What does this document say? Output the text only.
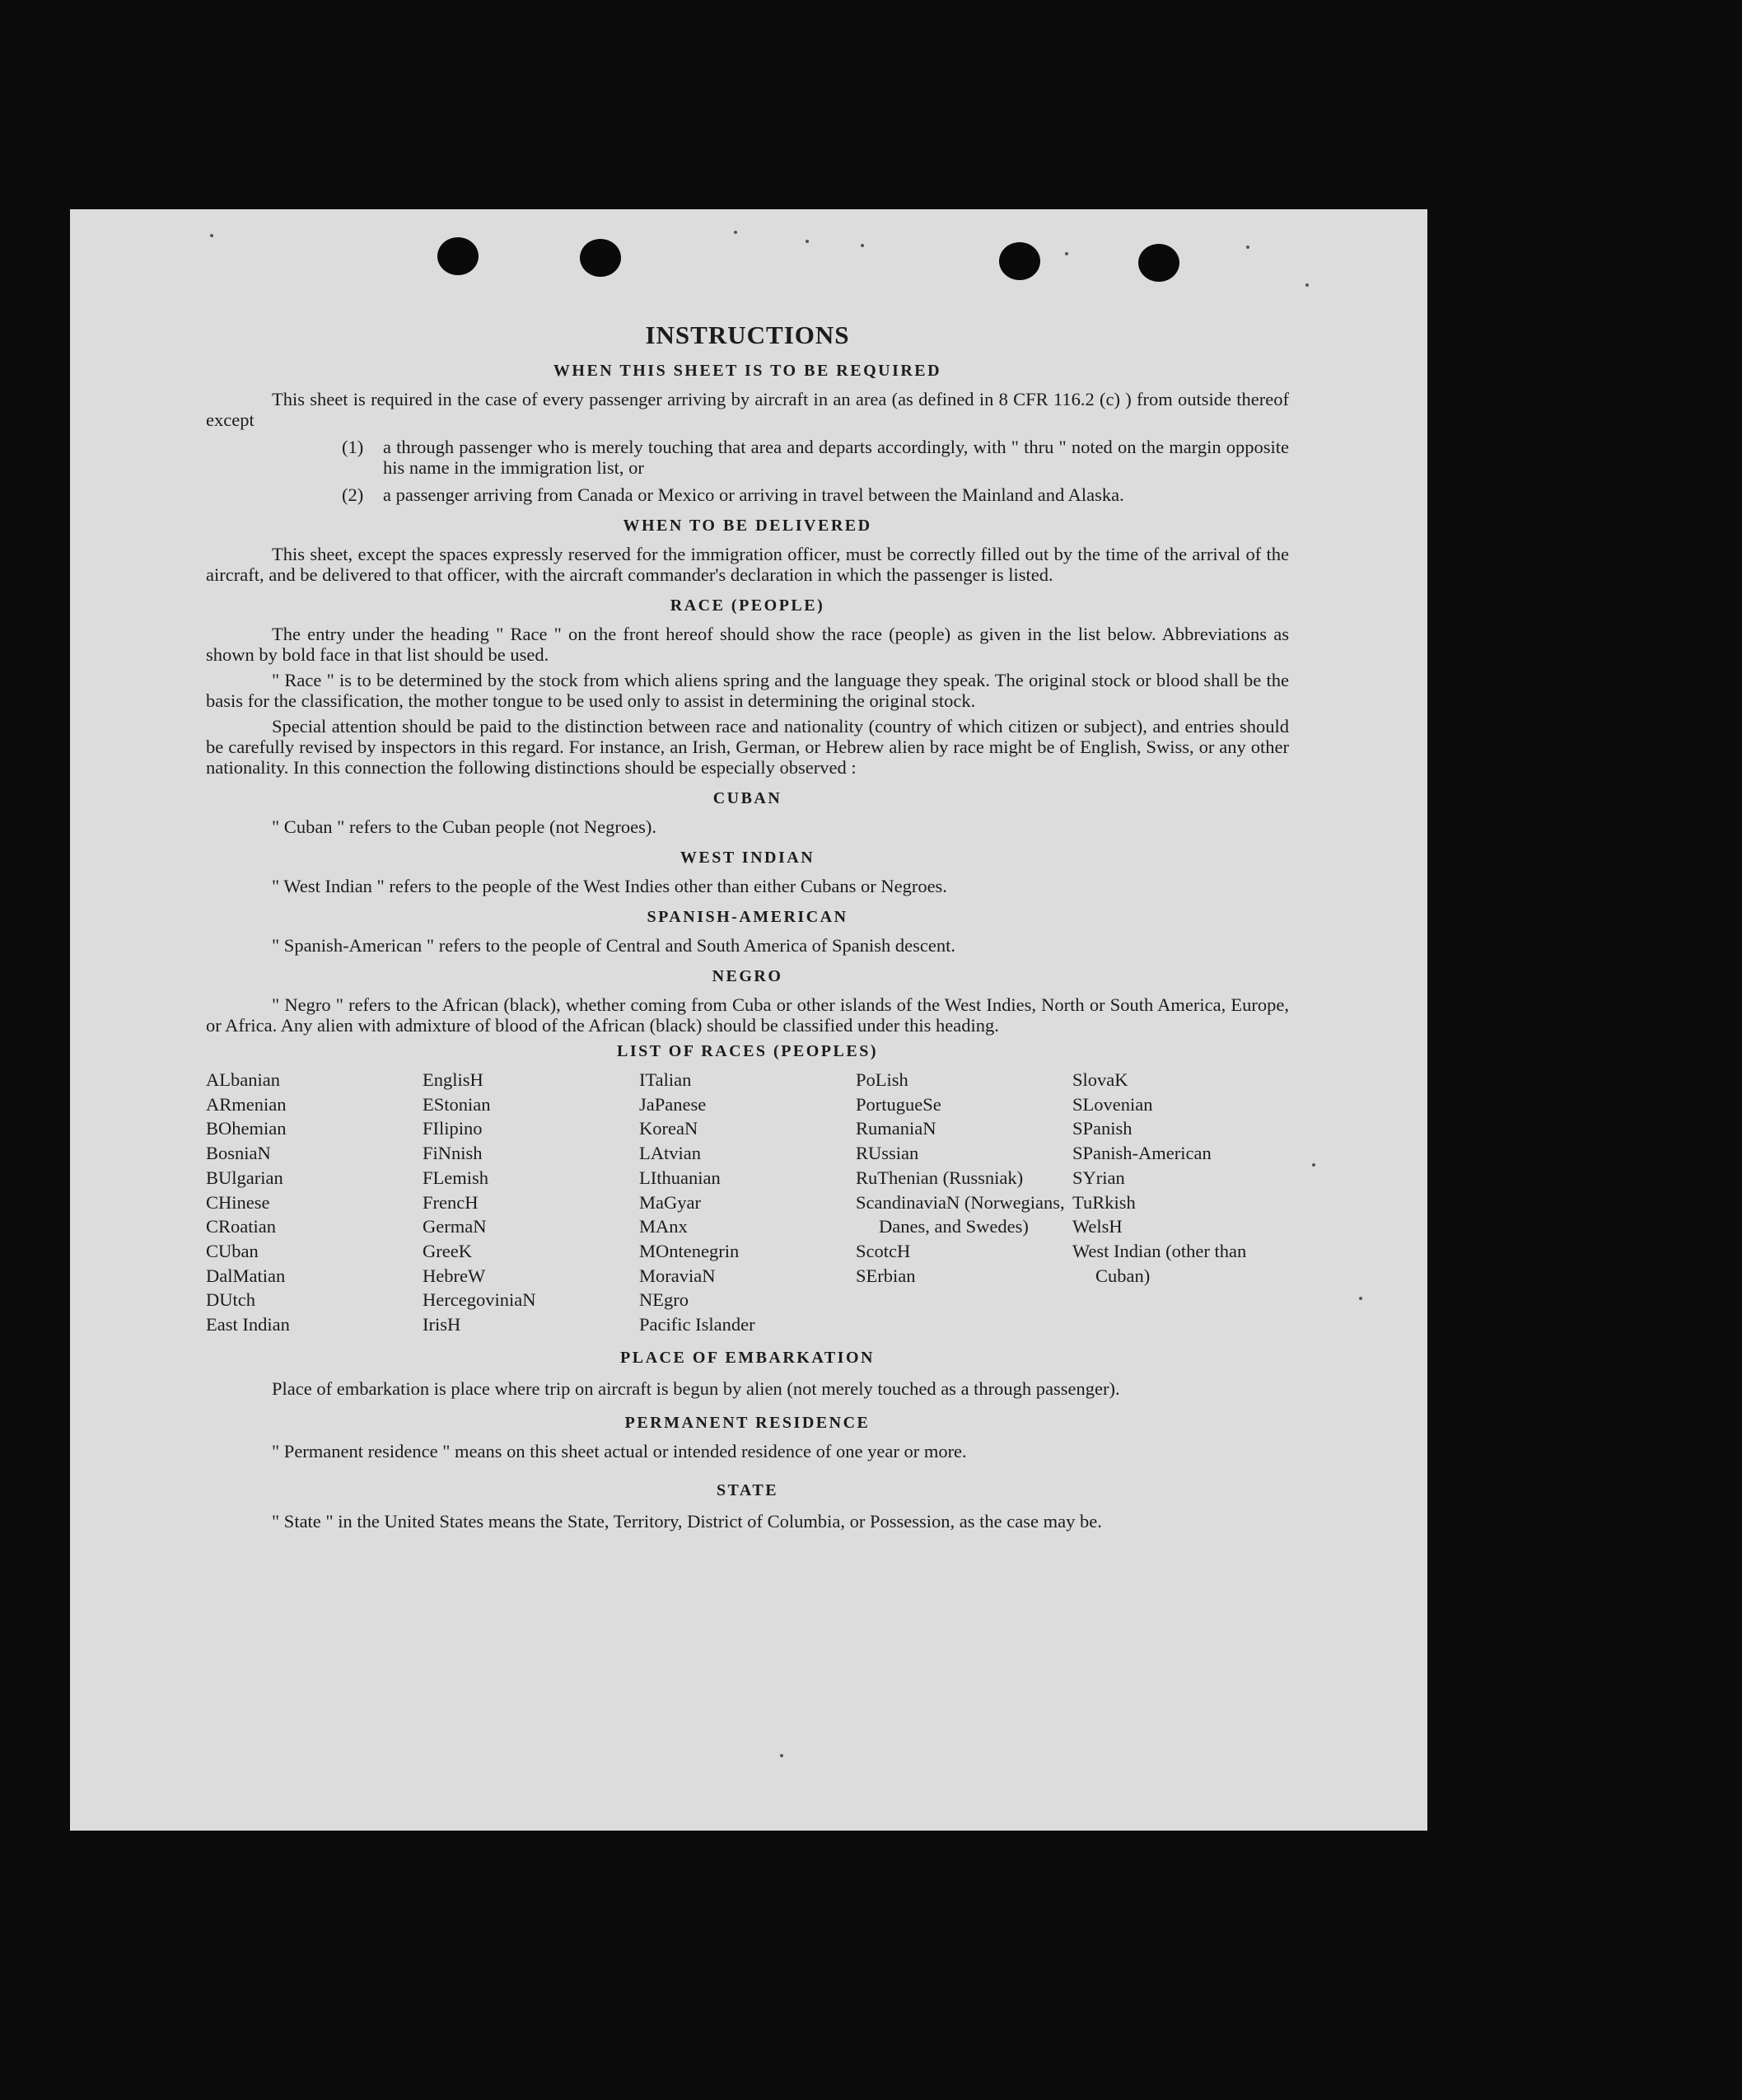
INSTRUCTIONS
WHEN THIS SHEET IS TO BE REQUIRED

This sheet is required in the case of every passenger arriving by aircraft in an area (as defined in 8 CFR 116.2 (c) ) from outside thereof except

(1)	a through passenger who is merely touching that area and departs accordingly, with " thru " noted on the margin opposite his name in the immigration list, or
(2)	a passenger arriving from Canada or Mexico or arriving in travel between the Mainland and Alaska.
WHEN TO BE DELIVERED

This sheet, except the spaces expressly reserved for the immigration officer, must be correctly filled out by the time of the arrival of the aircraft, and be delivered to that officer, with the aircraft commander's declaration in which the passenger is listed.

RACE (PEOPLE)

The entry under the heading " Race " on the front hereof should show the race (people) as given in the list below. Abbreviations as shown by bold face in that list should be used.

" Race " is to be determined by the stock from which aliens spring and the language they speak. The original stock or blood shall be the basis for the classification, the mother tongue to be used only to assist in determining the original stock.

Special attention should be paid to the distinction between race and nationality (country of which citizen or subject), and entries should be carefully revised by inspectors in this regard. For instance, an Irish, German, or Hebrew alien by race might be of English, Swiss, or any other nationality. In this connection the following distinctions should be especially observed :

CUBAN

" Cuban " refers to the Cuban people (not Negroes).

WEST INDIAN

" West Indian " refers to the people of the West Indies other than either Cubans or Negroes.

SPANISH-AMERICAN

" Spanish-American " refers to the people of Central and South America of Spanish descent.

NEGRO

" Negro " refers to the African (black), whether coming from Cuba or other islands of the West Indies, North or South America, Europe, or Africa. Any alien with admixture of blood of the African (black) should be classified under this heading.

LIST OF RACES (PEOPLES)
ALbanian
ARmenian
BOhemian
BosniaN
BUlgarian
CHinese
CRoatian
CUban
DalMatian
DUtch
East Indian
EnglisH
EStonian
FIlipino
FiNnish
FLemish
FrencH
GermaN
GreeK
HebreW
HercegoviniaN
IrisH
ITalian
JaPanese
KoreaN
LAtvian
LIthuanian
MaGyar
MAnx
MOntenegrin
MoraviaN
NEgro
Pacific Islander
PoLish
PortugueSe
RumaniaN
RUssian
RuThenian (Russniak)
ScandinaviaN (Norwegians, Danes, and Swedes)
ScotcH
SErbian
SlovaK
SLovenian
SPanish
SPanish-American
SYrian
TuRkish
WelsH
West Indian (other than Cuban)
PLACE OF EMBARKATION

Place of embarkation is place where trip on aircraft is begun by alien (not merely touched as a through passenger).

PERMANENT RESIDENCE

" Permanent residence " means on this sheet actual or intended residence of one year or more.

STATE

" State " in the United States means the State, Territory, District of Columbia, or Possession, as the case may be.
